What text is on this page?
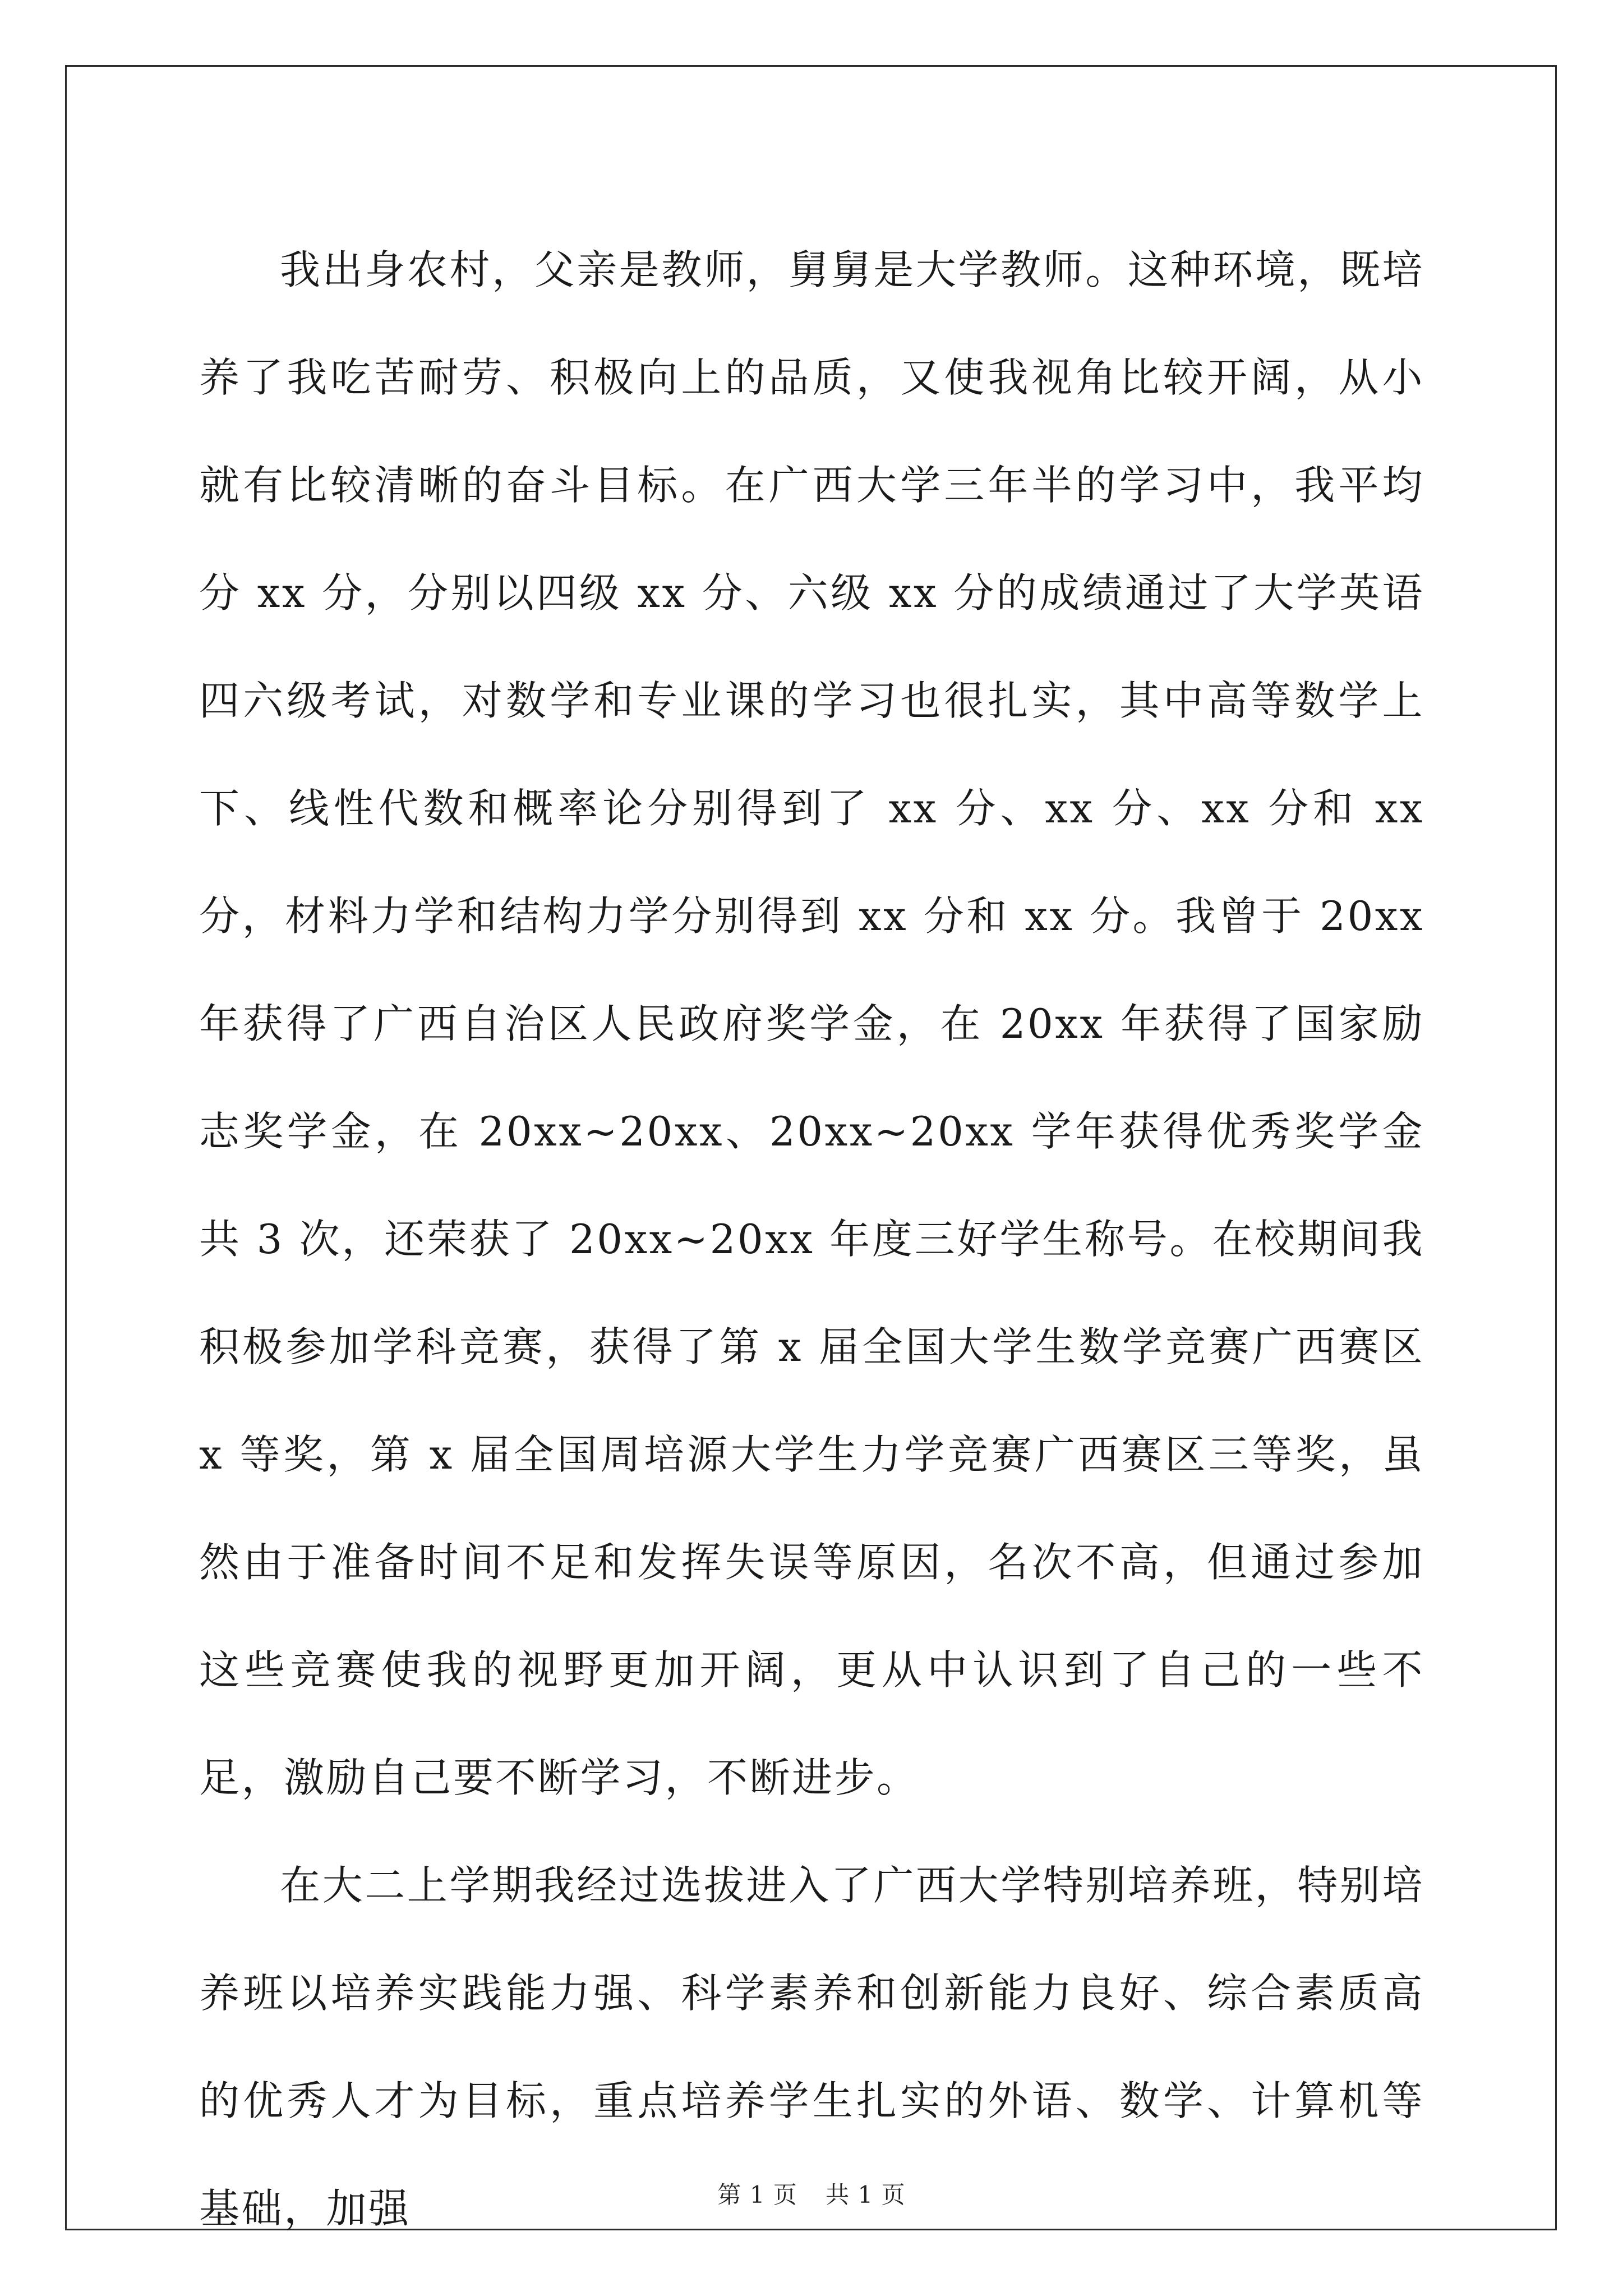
我出身农村，父亲是教师，舅舅是大学教师。这种环境，既培养了我吃苦耐劳、积极向上的品质，又使我视角比较开阔，从小就有比较清晰的奋斗目标。在广西大学三年半的学习中，我平均分 xx 分，分别以四级 xx 分、六级 xx 分的成绩通过了大学英语四六级考试，对数学和专业课的学习也很扎实，其中高等数学上下、线性代数和概率论分别得到了 xx 分、xx 分、xx 分和 xx 分，材料力学和结构力学分别得到 xx 分和 xx 分。我曾于 20xx 年获得了广西自治区人民政府奖学金，在 20xx 年获得了国家励志奖学金，在 20xx~20xx、20xx~20xx 学年获得优秀奖学金共 3 次，还荣获了 20xx~20xx 年度三好学生称号。在校期间我积极参加学科竞赛，获得了第 x 届全国大学生数学竞赛广西赛区 x 等奖，第 x 届全国周培源大学生力学竞赛广西赛区三等奖，虽然由于准备时间不足和发挥失误等原因，名次不高，但通过参加这些竞赛使我的视野更加开阔，更从中认识到了自己的一些不足，激励自己要不断学习，不断进步。

在大二上学期我经过选拔进入了广西大学特别培养班，特别培养班以培养实践能力强、科学素养和创新能力良好、综合素质高的优秀人才为目标，重点培养学生扎实的外语、数学、计算机等基础，加强	第 1 页 共 1 页
